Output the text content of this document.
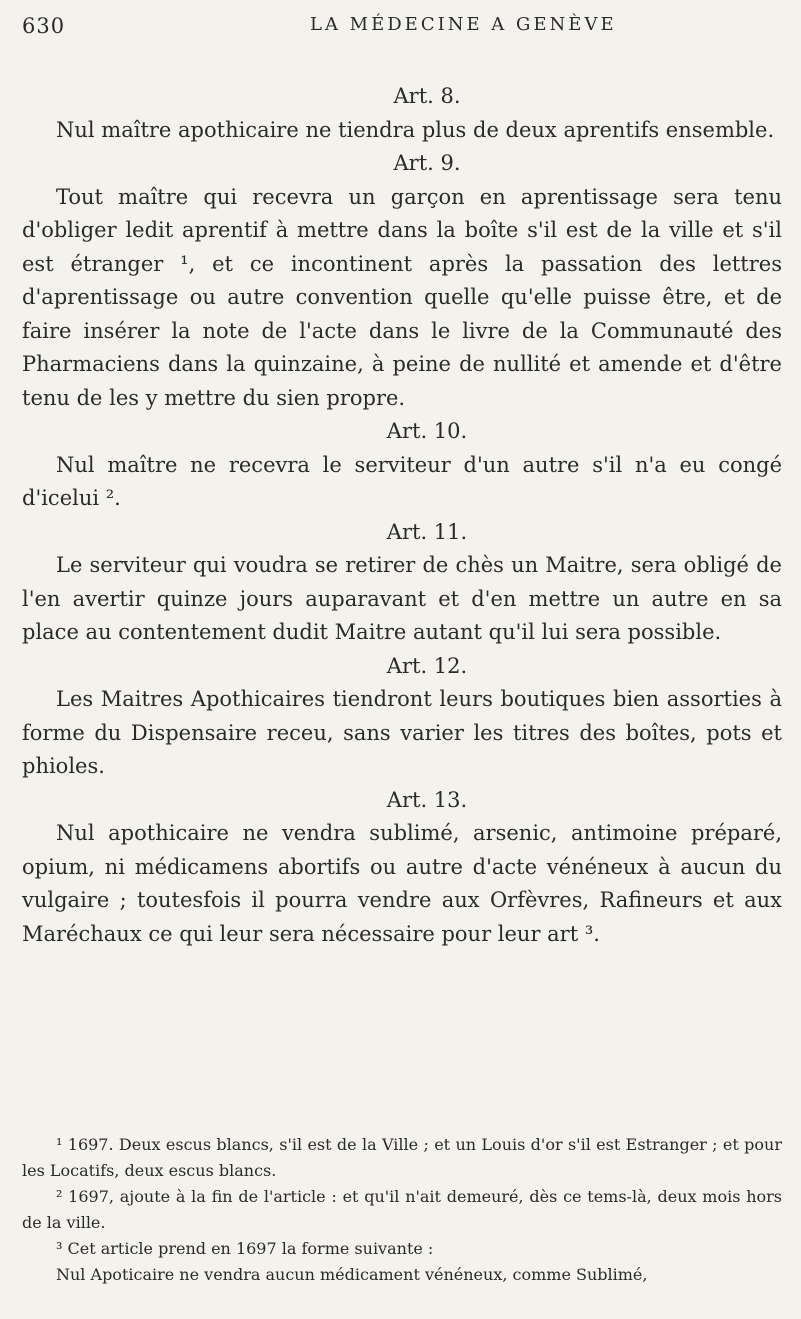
630	LA MÉDECINE A GENÈVE

Art. 8.

Nul maître apothicaire ne tiendra plus de deux aprentifs ensemble.

Art. 9.

Tout maître qui recevra un garçon en aprentissage sera tenu d'obliger ledit aprentif à mettre dans la boîte s'il est de la ville et s'il est étranger ¹, et ce incontinent après la passation des lettres d'aprentissage ou autre convention quelle qu'elle puisse être, et de faire insérer la note de l'acte dans le livre de la Communauté des Pharmaciens dans la quinzaine, à peine de nullité et amende et d'être tenu de les y mettre du sien propre.

Art. 10.

Nul maître ne recevra le serviteur d'un autre s'il n'a eu congé d'icelui ².

Art. 11.

Le serviteur qui voudra se retirer de chès un Maitre, sera obligé de l'en avertir quinze jours auparavant et d'en mettre un autre en sa place au contentement dudit Maitre autant qu'il lui sera possible.

Art. 12.

Les Maitres Apothicaires tiendront leurs boutiques bien assorties à forme du Dispensaire receu, sans varier les titres des boîtes, pots et phioles.

Art. 13.

Nul apothicaire ne vendra sublimé, arsenic, antimoine préparé, opium, ni médicamens abortifs ou autre d'acte vénéneux à aucun du vulgaire ; toutesfois il pourra vendre aux Orfèvres, Rafineurs et aux Maréchaux ce qui leur sera nécessaire pour leur art ³.

¹ 1697. Deux escus blancs, s'il est de la Ville ; et un Louis d'or s'il est Estranger ; et pour les Locatifs, deux escus blancs.

² 1697, ajoute à la fin de l'article : et qu'il n'ait demeuré, dès ce tems-là, deux mois hors de la ville.

³ Cet article prend en 1697 la forme suivante :

Nul Apoticaire ne vendra aucun médicament vénéneux, comme Sublimé,
